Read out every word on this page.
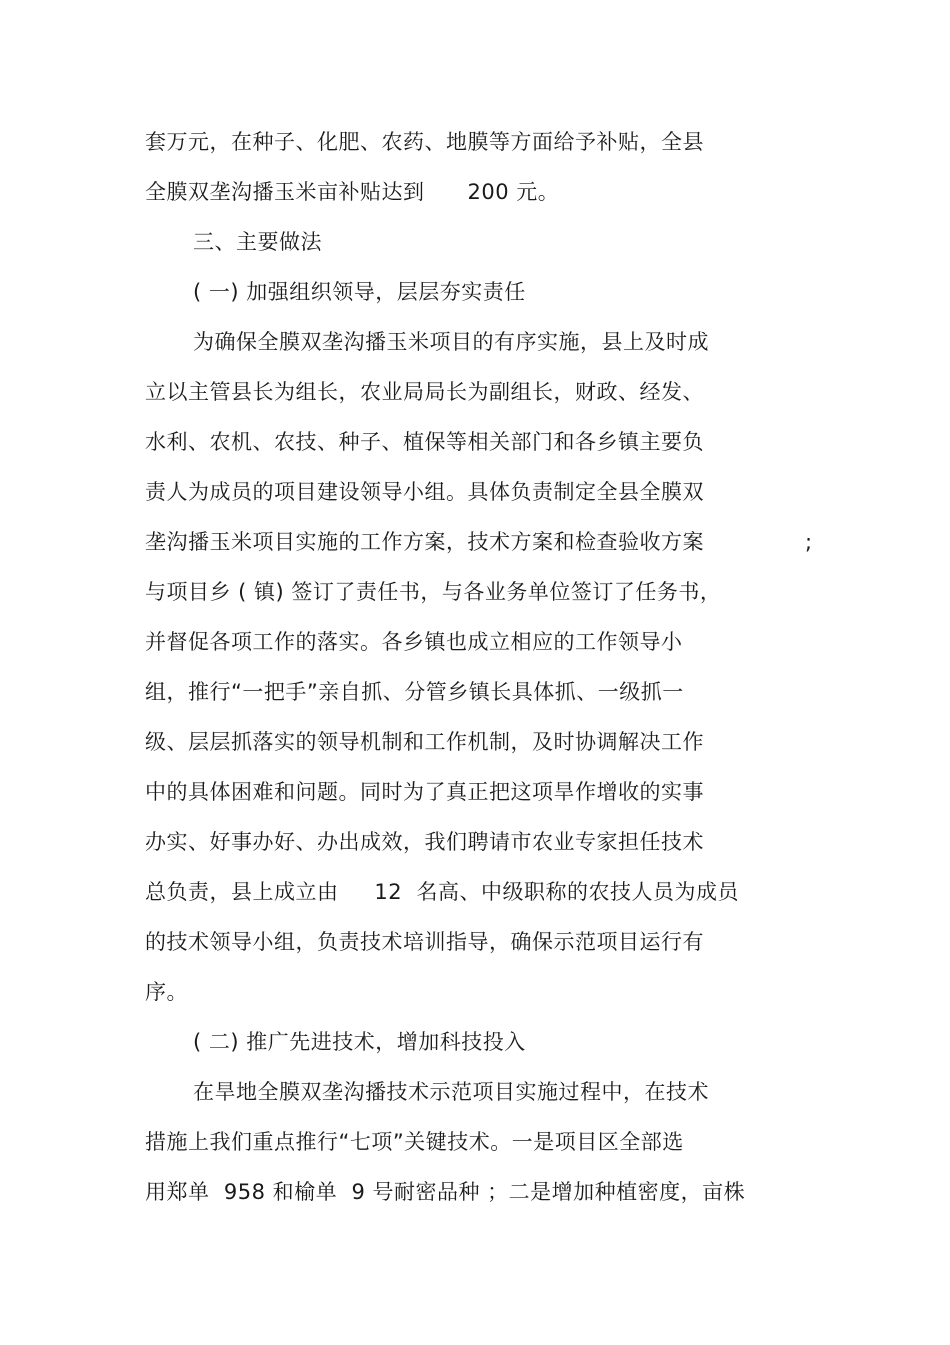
套万元，在种子、化肥、农药、地膜等方面给予补贴，全县
全膜双垄沟播玉米亩补贴达到      200 元。
三、主要做法
( 一) 加强组织领导，层层夯实责任
为确保全膜双垄沟播玉米项目的有序实施，县上及时成
立以主管县长为组长，农业局局长为副组长，财政、经发、
水利、农机、农技、种子、植保等相关部门和各乡镇主要负
责人为成员的项目建设领导小组。具体负责制定全县全膜双
垄沟播玉米项目实施的工作方案，技术方案和检查验收方案	;
与项目乡 ( 镇) 签订了责任书，与各业务单位签订了任务书，
并督促各项工作的落实。各乡镇也成立相应的工作领导小
组，推行“一把手”亲自抓、分管乡镇长具体抓、一级抓一
级、层层抓落实的领导机制和工作机制，及时协调解决工作
中的具体困难和问题。同时为了真正把这项旱作增收的实事
办实、好事办好、办出成效，我们聘请市农业专家担任技术
总负责，县上成立由     12  名高、中级职称的农技人员为成员
的技术领导小组，负责技术培训指导，确保示范项目运行有
序。
( 二) 推广先进技术，增加科技投入
在旱地全膜双垄沟播技术示范项目实施过程中，在技术
措施上我们重点推行“七项”关键技术。一是项目区全部选
用郑单  958 和榆单  9 号耐密品种 ；二是增加种植密度，亩株
